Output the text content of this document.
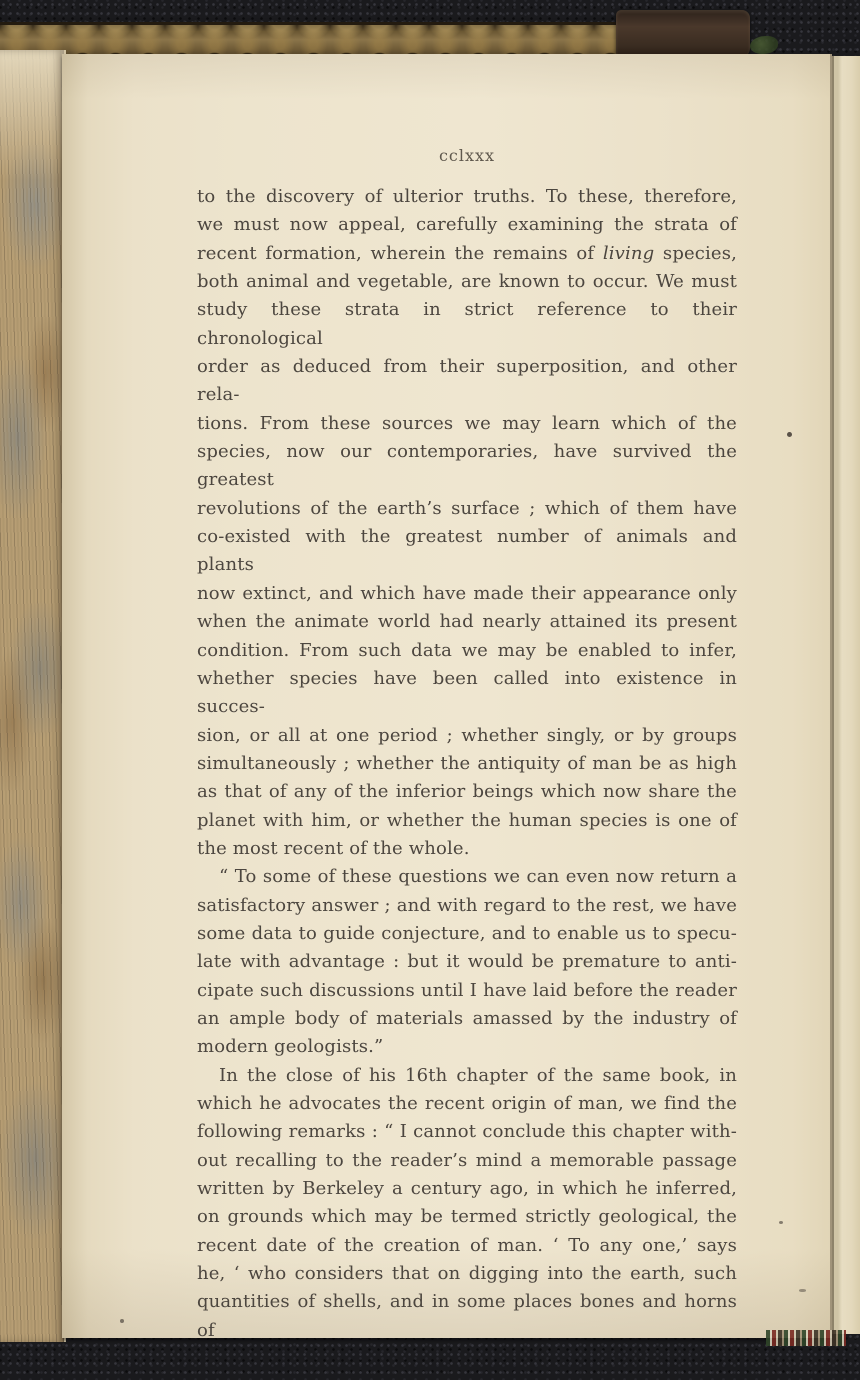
cclxxx
to the discovery of ulterior truths. To these, therefore,
we must now appeal, carefully examining the strata of
recent formation, wherein the remains of living species,
both animal and vegetable, are known to occur. We must
study these strata in strict reference to their chronological
order as deduced from their superposition, and other rela-
tions. From these sources we may learn which of the
species, now our contemporaries, have survived the greatest
revolutions of the earth’s surface ; which of them have
co-existed with the greatest number of animals and plants
now extinct, and which have made their appearance only
when the animate world had nearly attained its present
condition. From such data we may be enabled to infer,
whether species have been called into existence in succes-
sion, or all at one period ; whether singly, or by groups
simultaneously ; whether the antiquity of man be as high
as that of any of the inferior beings which now share the
planet with him, or whether the human species is one of
the most recent of the whole.
“ To some of these questions we can even now return a
satisfactory answer ; and with regard to the rest, we have
some data to guide conjecture, and to enable us to specu-
late with advantage : but it would be premature to anti-
cipate such discussions until I have laid before the reader
an ample body of materials amassed by the industry of
modern geologists.”
In the close of his 16th chapter of the same book, in
which he advocates the recent origin of man, we find the
following remarks : “ I cannot conclude this chapter with-
out recalling to the reader’s mind a memorable passage
written by Berkeley a century ago, in which he inferred,
on grounds which may be termed strictly geological, the
recent date of the creation of man. ‘ To any one,’ says
he, ‘ who considers that on digging into the earth, such
quantities of shells, and in some places bones and horns of
